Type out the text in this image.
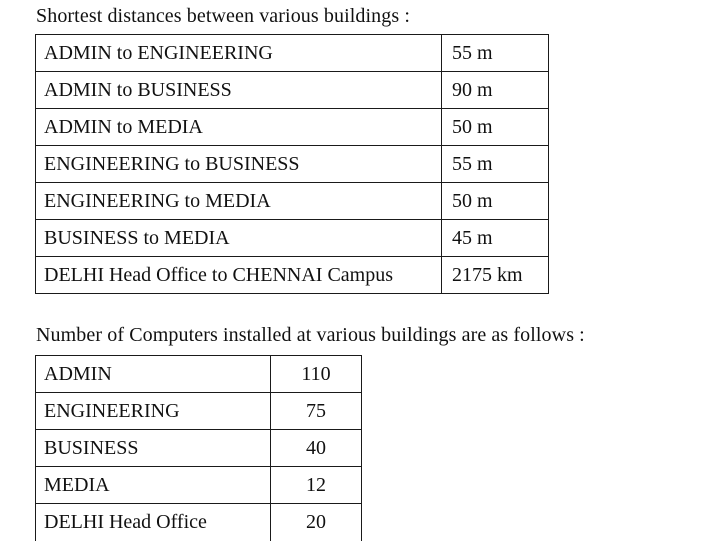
Shortest distances between various buildings :
ADMIN to ENGINEERING	55 m
ADMIN to BUSINESS	90 m
ADMIN to MEDIA	50 m
ENGINEERING to BUSINESS	55 m
ENGINEERING to MEDIA	50 m
BUSINESS to MEDIA	45 m
DELHI Head Office to CHENNAI Campus	2175 km
Number of Computers installed at various buildings are as follows :
ADMIN	110
ENGINEERING	75
BUSINESS	40
MEDIA	12
DELHI Head Office	20
